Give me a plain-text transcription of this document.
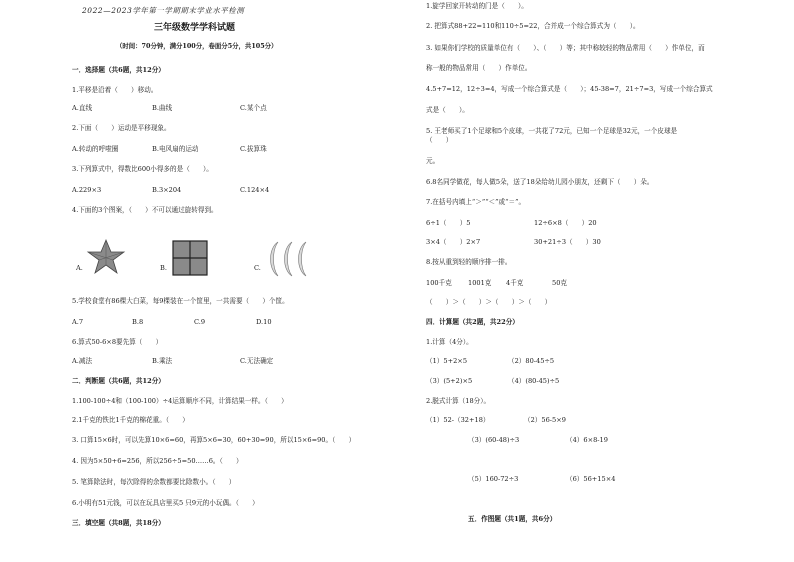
2022—2023学年第一学期期末学业水平检测
三年级数学学科试题
（时间：70分钟，满分100分，卷面分5分，共105分）
一．选择题（共6题，共12分）
1.平移是沿着（　　）移动。
A.直线	B.曲线	C.某个点
2.下面（　　）运动是平移现象。
A.转动的呼啦圈	B.电风扇的运动	C.拔算珠
3.下列算式中，得数比600小得多的是（　　）。
A.229×3	B.3×204	C.124×4
4.下面的3个图案，（　　）不可以通过旋转得到。
A.	B.	C.
5.学校食堂有86棵大白菜，每9棵装在一个筐里，一共需要（　　）个筐。
A.7	B.8	C.9	D.10
6.算式50-6×8要先算（　　）
A.减法	B.乘法	C.无法确定
二．判断题（共6题，共12分）
1.100-100÷4和（100-100）÷4运算顺序不同，计算结果一样。（　　）
2.1千克的铁比1千克的棉花重。（　　）
3. 口算15×6时，可以先算10×6=60，再算5×6=30，60+30=90，所以15×6=90。（　　）
4. 因为5×50+6=256，所以256÷5=50……6。（　　）
5. 笔算除法时，每次除得的余数都要比除数小。（　　）
6.小明有51元钱，可以在玩具店里买5 只9元的小玩偶。（　　）
三．填空题（共8题，共18分）
1.旋学回家开转动的门是（　　）。
2. 把算式88+22=110和110÷5=22，合并成一个综合算式为（　　）。
3. 如果你们学校的质量单位有（　　）、（　　）等；其中称较轻的物品常用（　　）作单位，而
称一般的物品常用（　　）作单位。
4.5+7=12，12÷3=4，写成一个综合算式是（　　）；45-38=7，21÷7=3，写成一个综合算式
式是（　　）。
5. 王老师买了1个足球和5个皮球，一共花了72元，已知一个足球是32元，一个皮球是
（　　）
元。
6.8名同学做花，每人做5朵，送了18朵给幼儿园小朋友，还剩下（　　）朵。
7.在括号内填上“＞”“＜”或“＝”。
6÷1（　　）5	12÷6×8（　　）20
3×4（　　）2×7	30+21÷3（　　）30
8.按从重到轻的顺序排一排。
100千克 1001克 4千克	50克
（　　）＞（　　）＞（　　）＞（　　）
四．计算题（共2题，共22分）
1.计算（4分）。
（1）5+2×5	（2）80-45÷5
（3）(5+2)×5	（4）(80-45)÷5
2.脱式计算（18分）。
（1）52-（32+18）	（2）56-5×9
（3）(60-48)÷3	（4）6×8-19
（5）160-72÷3	（6）56+15×4
五．作图题（共1题，共6分）
